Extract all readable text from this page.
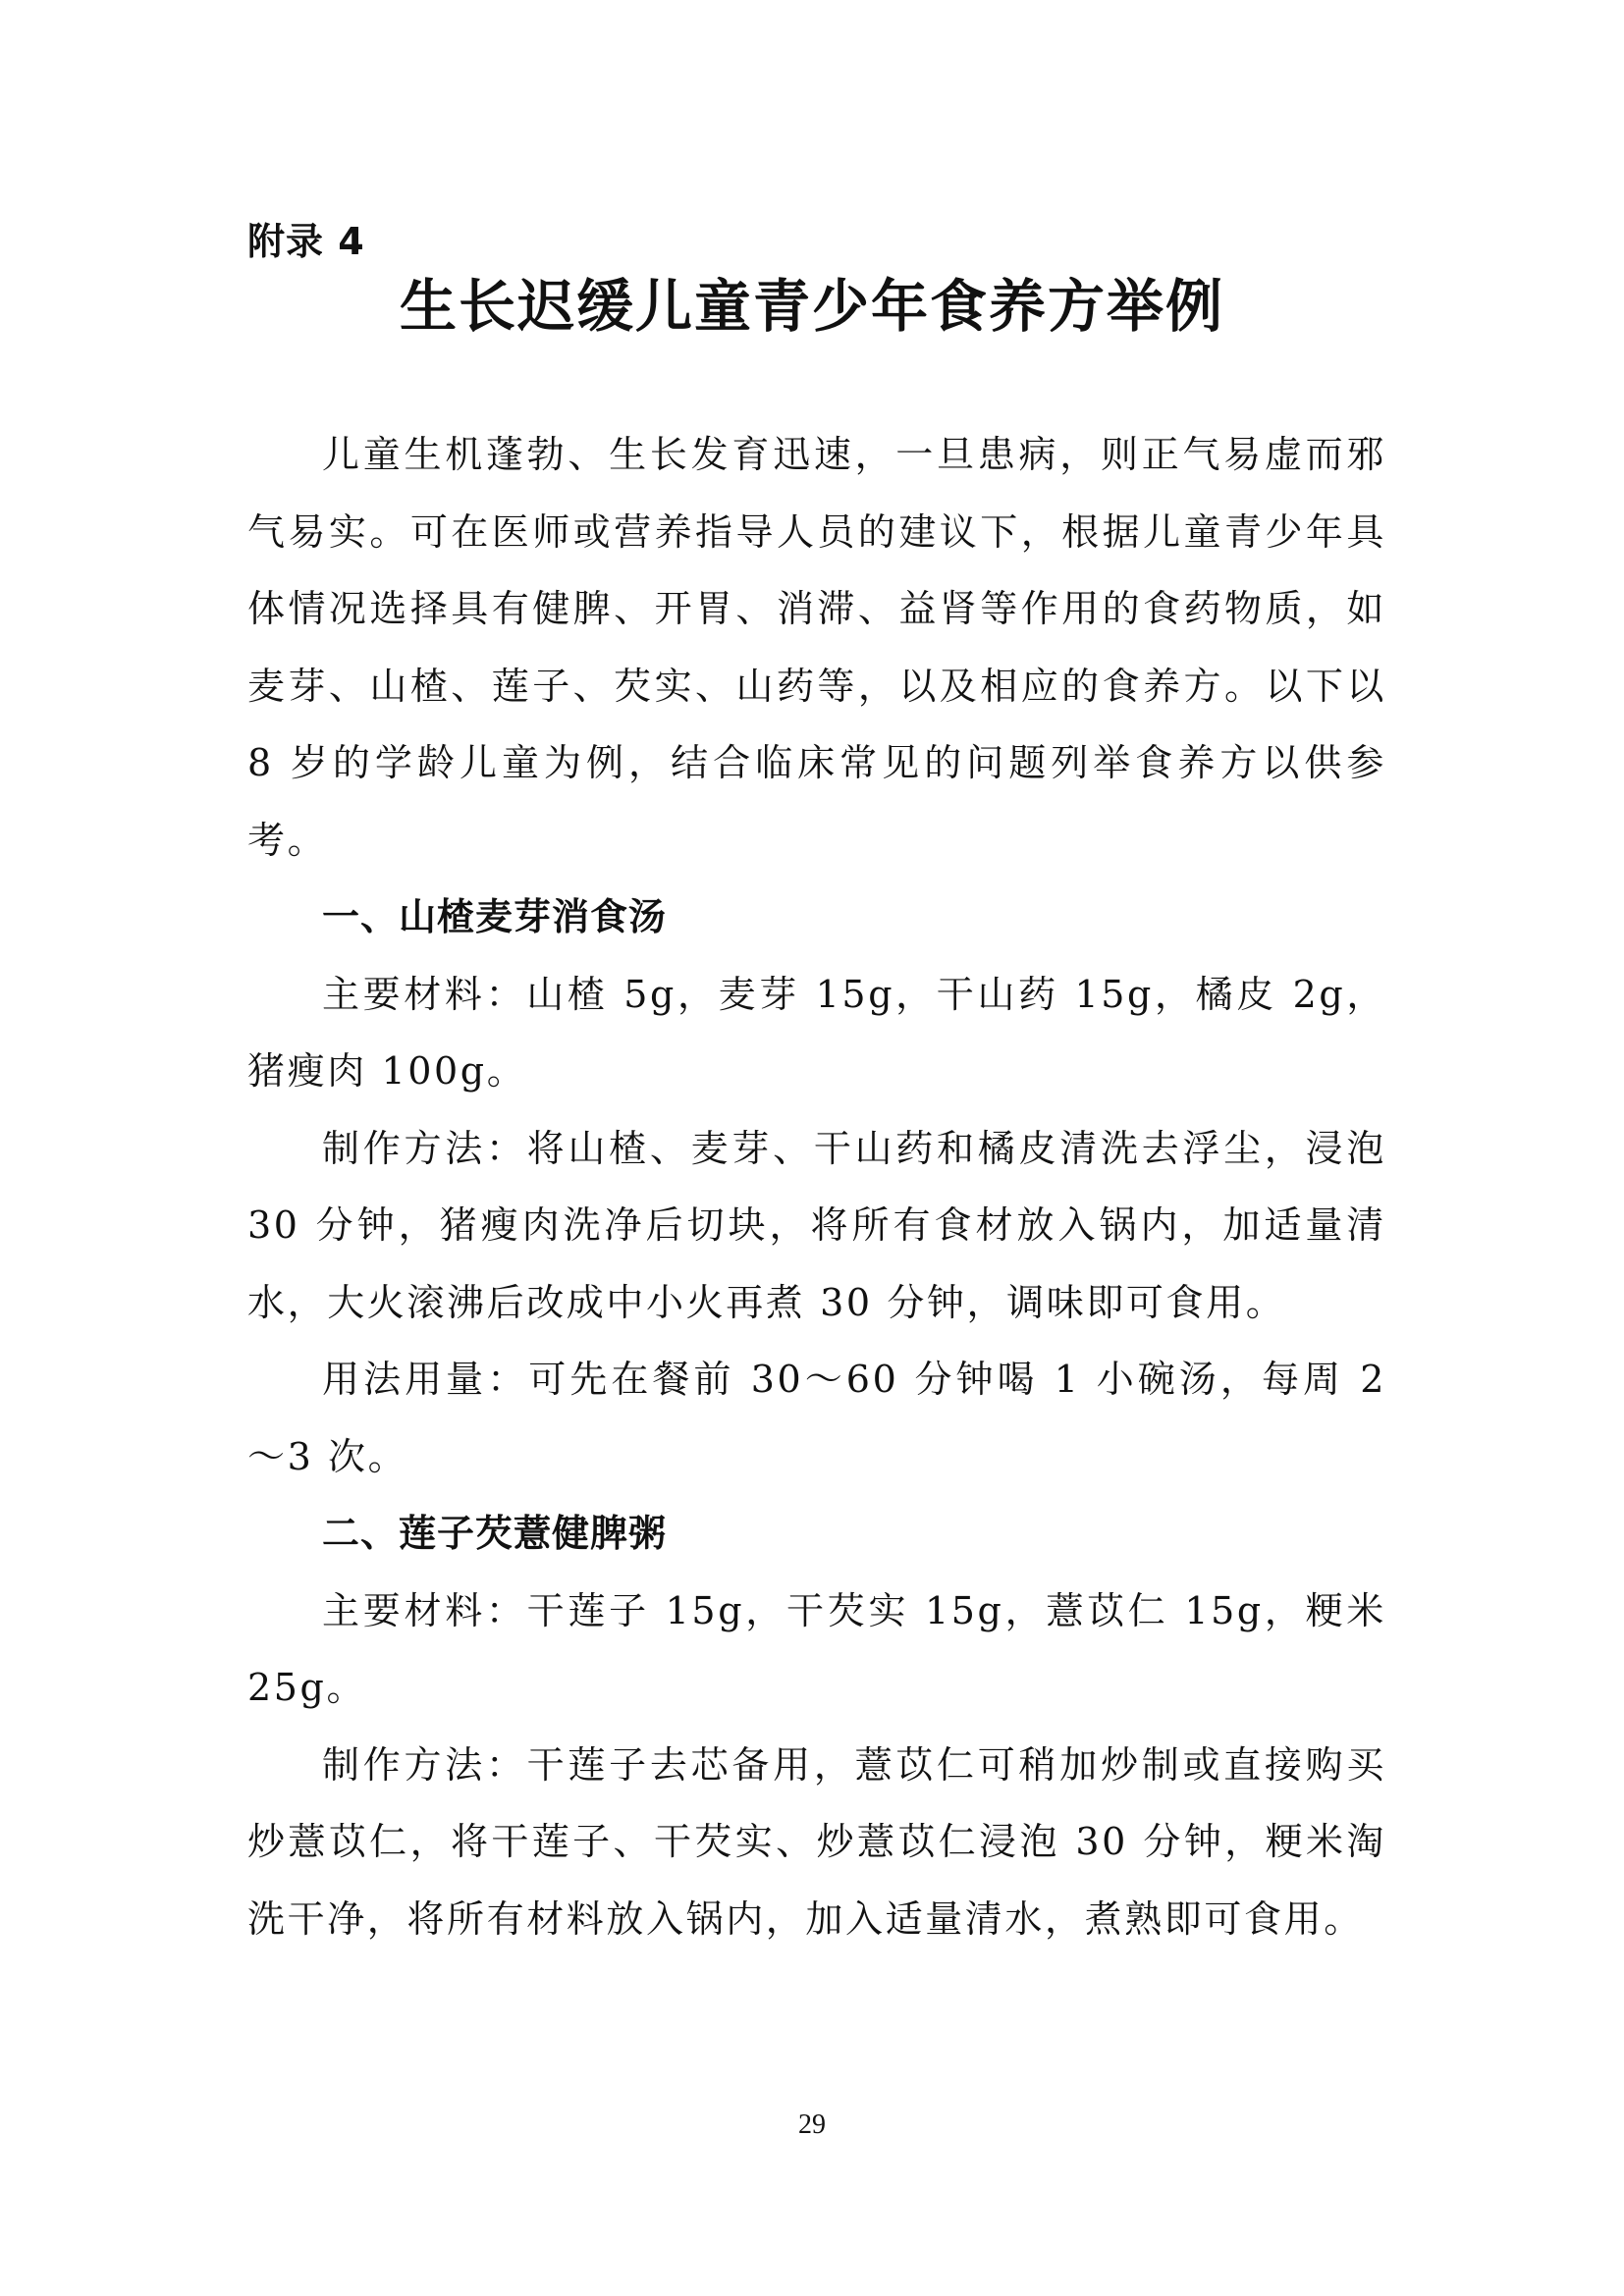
附录 4
生长迟缓儿童青少年食养方举例

儿童生机蓬勃、生长发育迅速，一旦患病，则正气易虚而邪气易实。可在医师或营养指导人员的建议下，根据儿童青少年具体情况选择具有健脾、开胃、消滞、益肾等作用的食药物质，如麦芽、山楂、莲子、芡实、山药等，以及相应的食养方。以下以 8 岁的学龄儿童为例，结合临床常见的问题列举食养方以供参考。

一、山楂麦芽消食汤

主要材料：山楂 5g，麦芽 15g，干山药 15g，橘皮 2g，猪瘦肉 100g。

制作方法：将山楂、麦芽、干山药和橘皮清洗去浮尘，浸泡 30 分钟，猪瘦肉洗净后切块，将所有食材放入锅内，加适量清水，大火滚沸后改成中小火再煮 30 分钟，调味即可食用。

用法用量：可先在餐前 30～60 分钟喝 1 小碗汤，每周 2～3 次。

二、莲子芡薏健脾粥

主要材料：干莲子 15g，干芡实 15g，薏苡仁 15g，粳米 25g。

制作方法：干莲子去芯备用，薏苡仁可稍加炒制或直接购买炒薏苡仁，将干莲子、干芡实、炒薏苡仁浸泡 30 分钟，粳米淘洗干净，将所有材料放入锅内，加入适量清水，煮熟即可食用。

29
